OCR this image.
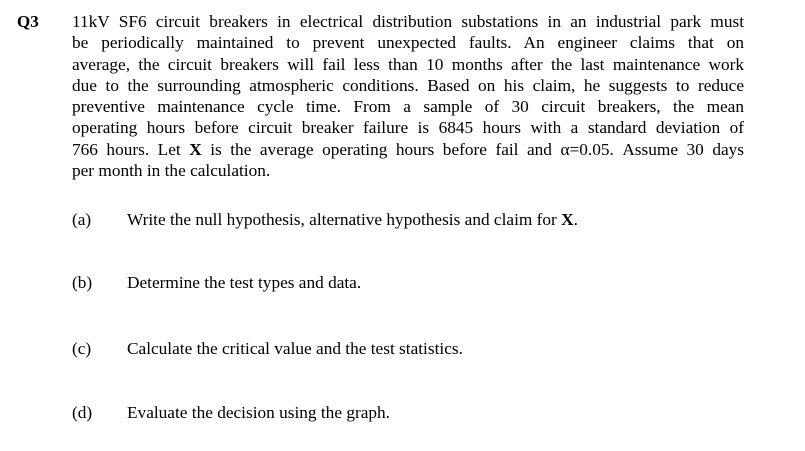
Q3 11kV SF6 circuit breakers in electrical distribution substations in an industrial park must
be periodically maintained to prevent unexpected faults. An engineer claims that on
average, the circuit breakers will fail less than 10 months after the last maintenance work
due to the surrounding atmospheric conditions. Based on his claim, he suggests to reduce
preventive maintenance cycle time. From a sample of 30 circuit breakers, the mean
operating hours before circuit breaker failure is 6845 hours with a standard deviation of
766 hours. Let X is the average operating hours before fail and α=0.05. Assume 30 days
per month in the calculation.
(a) Write the null hypothesis, alternative hypothesis and claim for X.
(b) Determine the test types and data.
(c) Calculate the critical value and the test statistics.
(d) Evaluate the decision using the graph.
